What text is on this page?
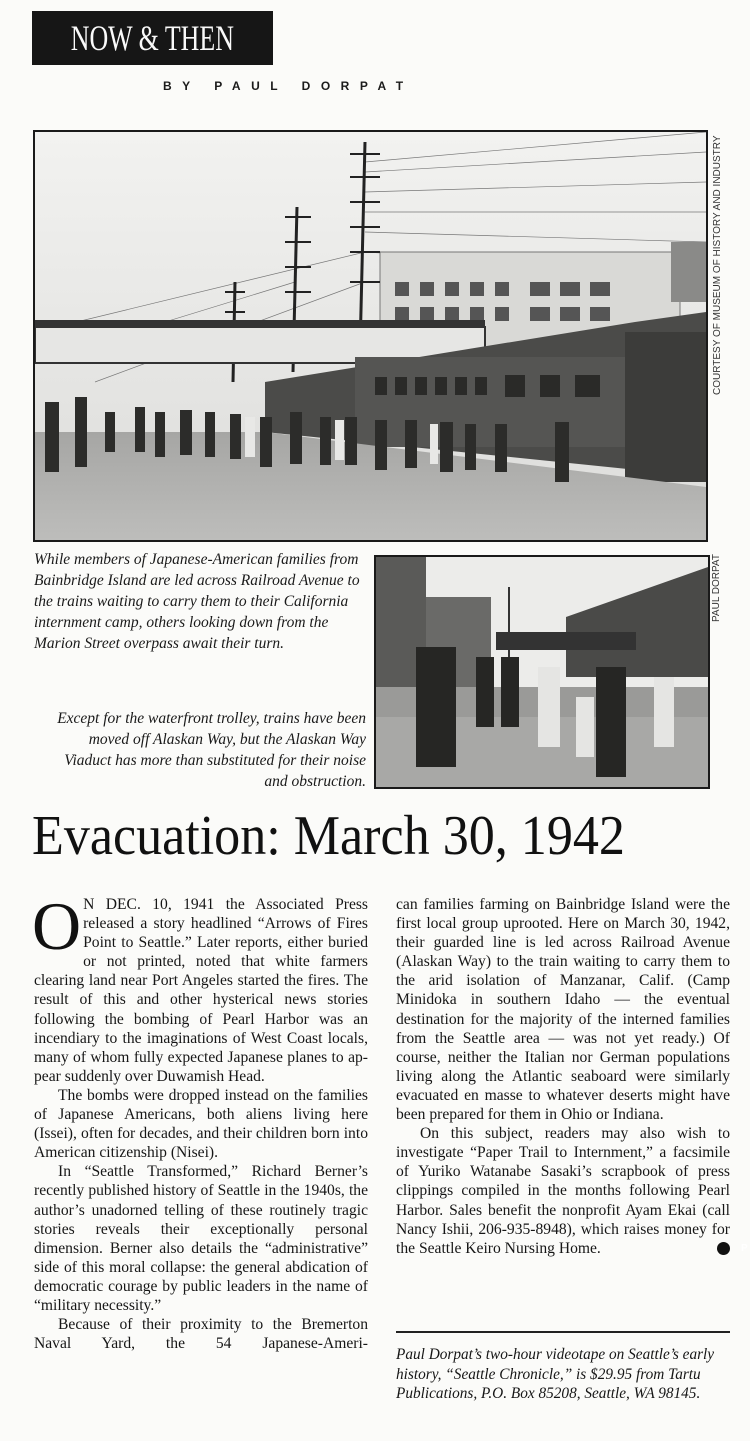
NOW & THEN
BY PAUL DORPAT
COURTESY OF MUSEUM OF HISTORY AND INDUSTRY
While members of Japanese-American families from Bainbridge Island are led across Railroad Avenue to the trains waiting to carry them to their California internment camp, others looking down from the Marion Street overpass await their turn.
PAUL DORPAT
Except for the waterfront trolley, trains have been moved off Alaskan Way, but the Alaskan Way Viaduct has more than substituted for their noise and obstruction.
Evacuation: March 30, 1942

O N DEC. 10, 1941 the Associated Press released a story headlined “Arrows of Fires Point to Seattle.” Later reports, either buried or not printed, noted that white farmers clearing land near Port Angeles started the fires. The result of this and other hysterical news stories following the bombing of Pearl Harbor was an incendiary to the imaginations of West Coast locals, many of whom fully expected Japanese planes to appear suddenly over Duwamish Head.

The bombs were dropped instead on the families of Japanese Americans, both aliens living here (Issei), often for decades, and their children born into American citizenship (Nisei).

In “Seattle Transformed,” Richard Berner’s recently published history of Seattle in the 1940s, the author’s unadorned telling of these routinely tragic stories reveals their exceptionally personal dimension. Berner also details the “administrative” side of this moral collapse: the general abdication of democratic courage by public leaders in the name of “military necessity.”

Because of their proximity to the Bremerton Naval Yard, the 54 Japanese-Ameri-

can families farming on Bainbridge Island were the first local group uprooted. Here on March 30, 1942, their guarded line is led across Railroad Avenue (Alaskan Way) to the train waiting to carry them to the arid isolation of Manzanar, Calif. (Camp Minidoka in southern Idaho — the eventual destination for the majority of the interned families from the Seattle area — was not yet ready.) Of course, neither the Italian nor German populations living along the Atlantic seaboard were similarly evacuated en masse to whatever deserts might have been prepared for them in Ohio or Indiana.

On this subject, readers may also wish to investigate “Paper Trail to Internment,” a facsimile of Yuriko Watanabe Sasaki’s scrapbook of press clippings compiled in the months following Pearl Harbor. Sales benefit the nonprofit Ayam Ekai (call Nancy Ishii, 206-935-8948), which raises money for the Seattle Keiro Nursing Home.	P

Paul Dorpat’s two-hour videotape on Seattle’s early history, “Seattle Chronicle,” is $29.95 from Tartu Publications, P.O. Box 85208, Seattle, WA 98145.
